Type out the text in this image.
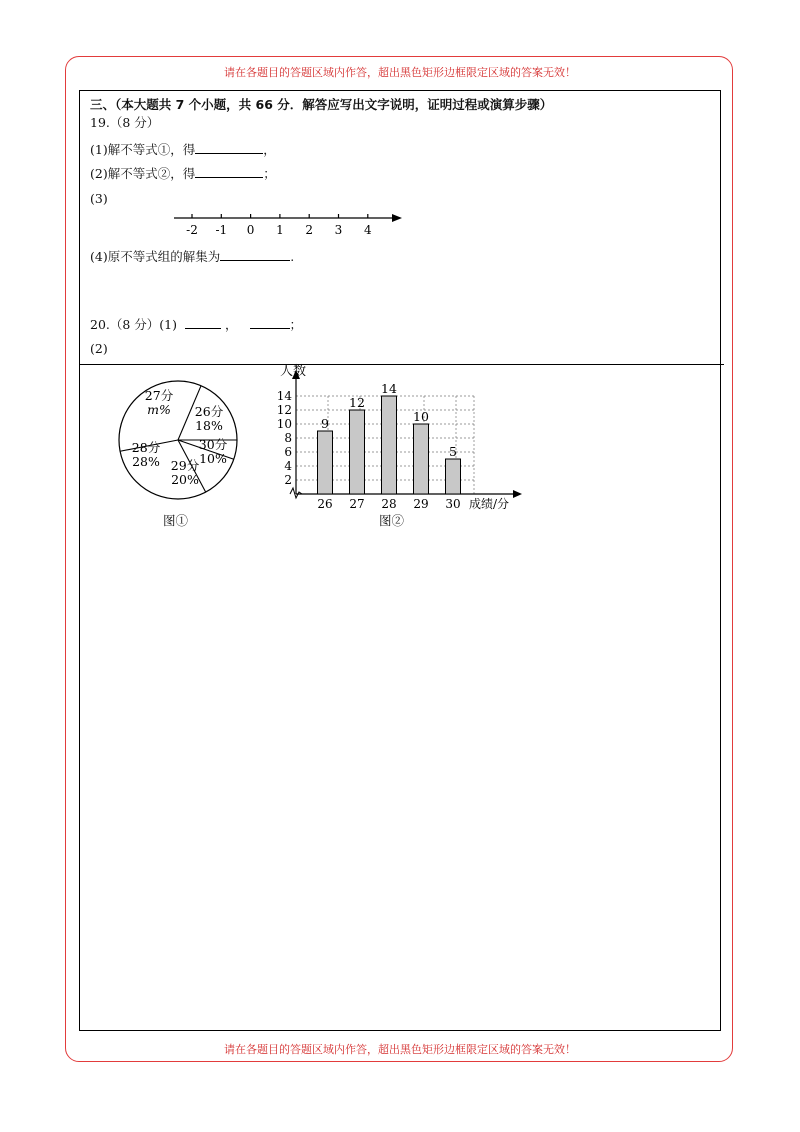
请在各题目的答题区域内作答，超出黑色矩形边框限定区域的答案无效！
请在各题目的答题区域内作答，超出黑色矩形边框限定区域的答案无效！
三、（本大题共 7 个小题，共 66 分．解答应写出文字说明，证明过程或演算步骤）
19.（8 分）
(1)解不等式①，得	，
(2)解不等式②，得	；
(3)
-2 -1 0 1 2 3 4
(4)原不等式组的解集为	.
20.（8 分）(1)	，	；
(2)
27分
m% 26分
18%
30分
10%
29分
20%
28分
28%
图①
2
4
6
8
10
12
14
9
26
12
27
14
28
10
29
5
30
人数
成绩/分
图②
